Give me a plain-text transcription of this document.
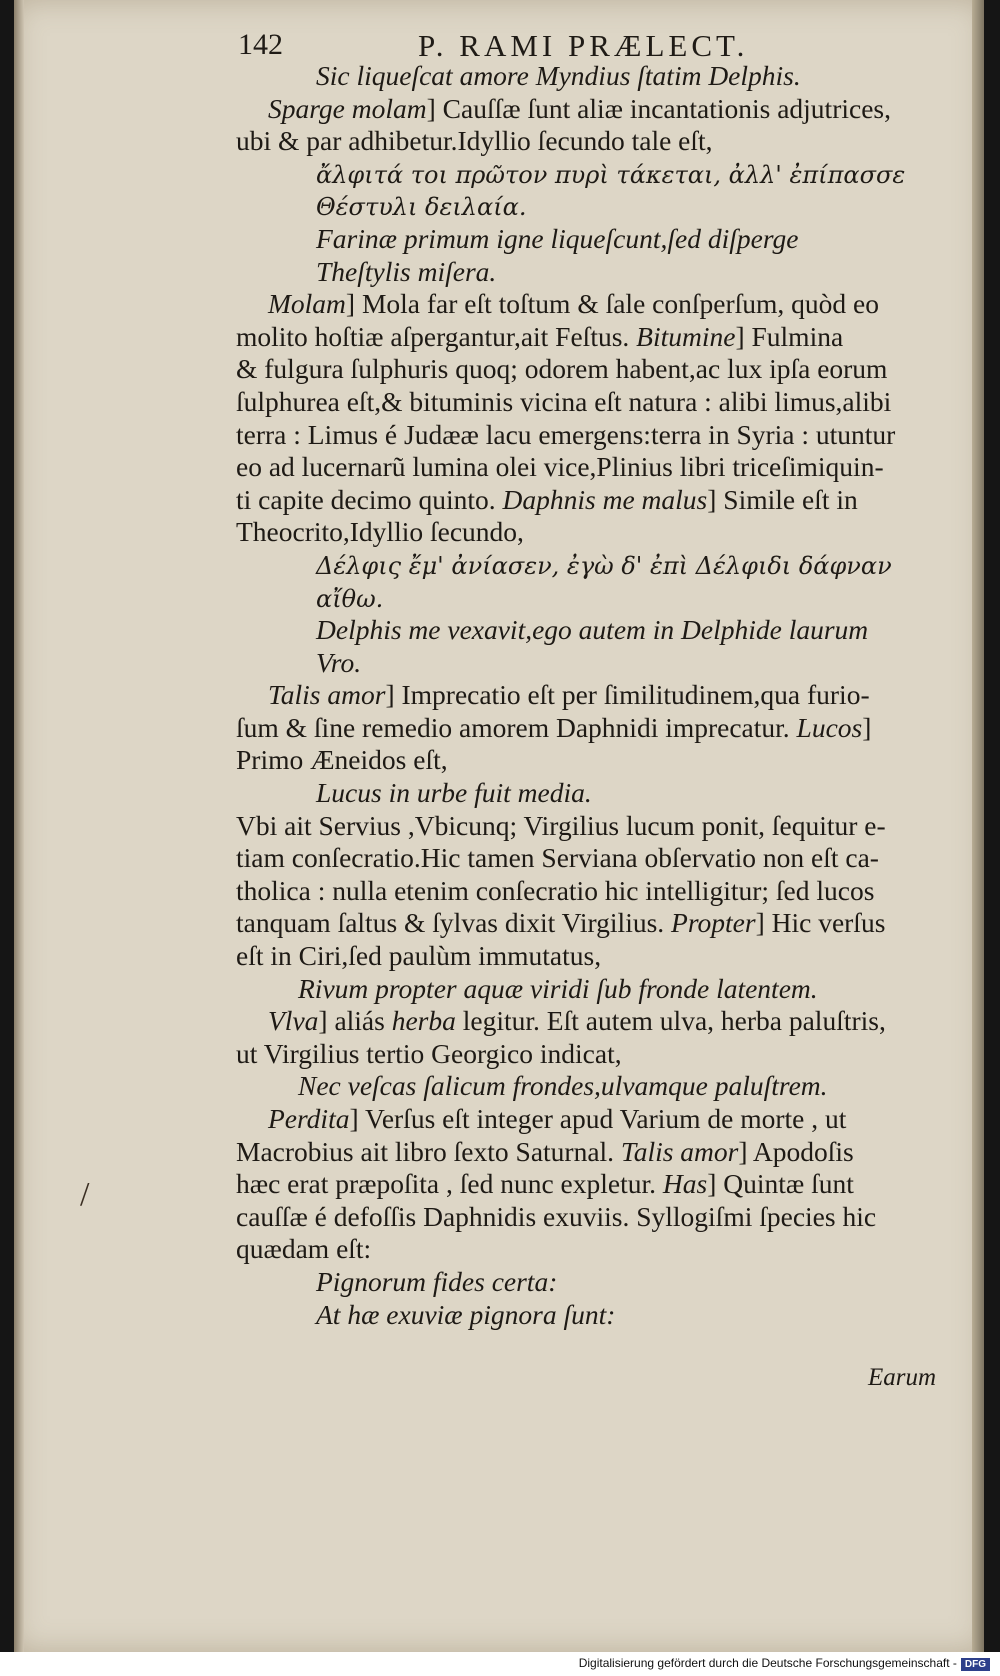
142	P. RAMI PRÆLECT.
Sic liqueſcat amore Myndius ſtatim Delphis.
Sparge molam] Cauſſæ ſunt aliæ incantationis adjutrices,
ubi & par adhibetur.Idyllio ſecundo tale eſt,
ἄλφιτά τοι πρῶτον πυρὶ τάκεται, ἀλλ' ἐπίπασσε
Θέστυλι δειλαία.
Farinæ primum igne liqueſcunt,ſed diſperge
Theſtylis miſera.
Molam] Mola far eſt toſtum & ſale conſperſum, quòd eo
molito hoſtiæ aſpergantur,ait Feſtus. Bitumine] Fulmina
& fulgura ſulphuris quoq; odorem habent,ac lux ipſa eorum
ſulphurea eſt,& bituminis vicina eſt natura : alibi limus,alibi
terra : Limus é Judææ lacu emergens:terra in Syria : utuntur
eo ad lucernarũ lumina olei vice,Plinius libri triceſimiquin-
ti capite decimo quinto. Daphnis me malus] Simile eſt in
Theocrito,Idyllio ſecundo,
Δέλφις ἔμ' ἀνίασεν, ἐγὼ δ' ἐπὶ Δέλφιδι δάφναν
αἴθω.
Delphis me vexavit,ego autem in Delphide laurum
Vro.
Talis amor] Imprecatio eſt per ſimilitudinem,qua furio-
ſum & ſine remedio amorem Daphnidi imprecatur. Lucos]
Primo Æneidos eſt,
Lucus in urbe fuit media.
Vbi ait Servius ,Vbicunq; Virgilius lucum ponit, ſequitur e-
tiam conſecratio.Hic tamen Serviana obſervatio non eſt ca-
tholica : nulla etenim conſecratio hic intelligitur; ſed lucos
tanquam ſaltus & ſylvas dixit Virgilius. Propter] Hic verſus
eſt in Ciri,ſed paulùm immutatus,
Rivum propter aquæ viridi ſub fronde latentem.
Vlva] aliás herba legitur. Eſt autem ulva, herba paluſtris,
ut Virgilius tertio Georgico indicat,
Nec veſcas ſalicum frondes,ulvamque paluſtrem.
Perdita] Verſus eſt integer apud Varium de morte , ut
Macrobius ait libro ſexto Saturnal. Talis amor] Apodoſis
hæc erat præpoſita , ſed nunc expletur. Has] Quintæ ſunt
cauſſæ é defoſſis Daphnidis exuviis. Syllogiſmi ſpecies hic
quædam eſt:
Pignorum fides certa:
At hæ exuviæ pignora ſunt:
/
Earum
Digitalisierung gefördert durch die Deutsche Forschungsgemeinschaft - DFG
